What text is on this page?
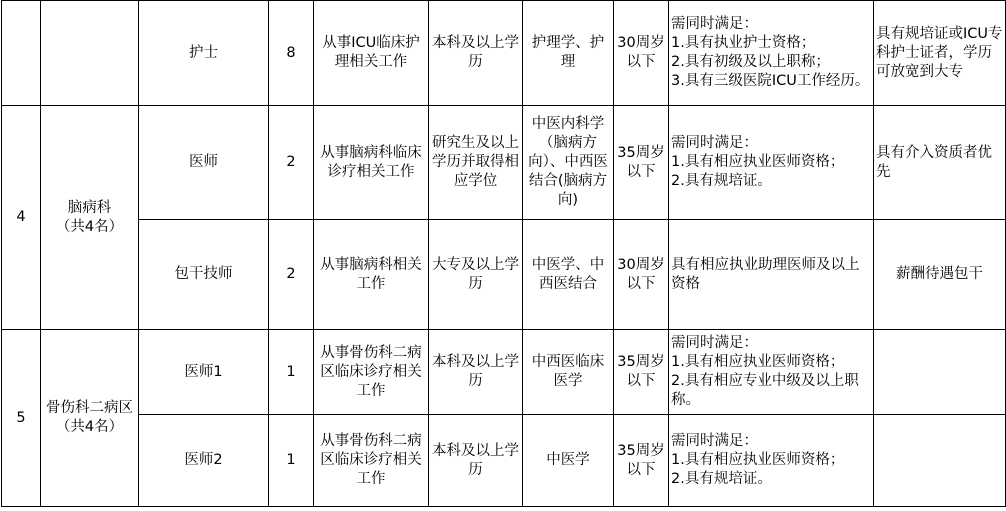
		护士	8	从事ICU临床护理相关工作	本科及以上学历	护理学、护理	30周岁以下	需同时满足：
1.具有执业护士资格；
2.具有初级及以上职称；
3.具有三级医院ICU工作经历。	具有规培证或ICU专科护士证者，学历可放宽到大专
4	脑病科
（共4名）	医师	2	从事脑病科临床诊疗相关工作	研究生及以上学历并取得相应学位	中医内科学（脑病方向）、中西医结合(脑病方向)	35周岁以下	需同时满足：
1.具有相应执业医师资格；
2.具有规培证。	具有介入资质者优先
		包干技师	2	从事脑病科相关工作	大专及以上学历	中医学、中西医结合	30周岁以下	具有相应执业助理医师及以上资格	薪酬待遇包干
5	骨伤科二病区
（共4名）	医师1	1	从事骨伤科二病区临床诊疗相关工作	本科及以上学历	中西医临床医学	35周岁以下	需同时满足：
1.具有相应执业医师资格；
2.具有相应专业中级及以上职称。	

		医师2	1	从事骨伤科二病区临床诊疗相关工作	本科及以上学历	中医学	35周岁以下	需同时满足：
1.具有相应执业医师资格；
2.具有规培证。	
